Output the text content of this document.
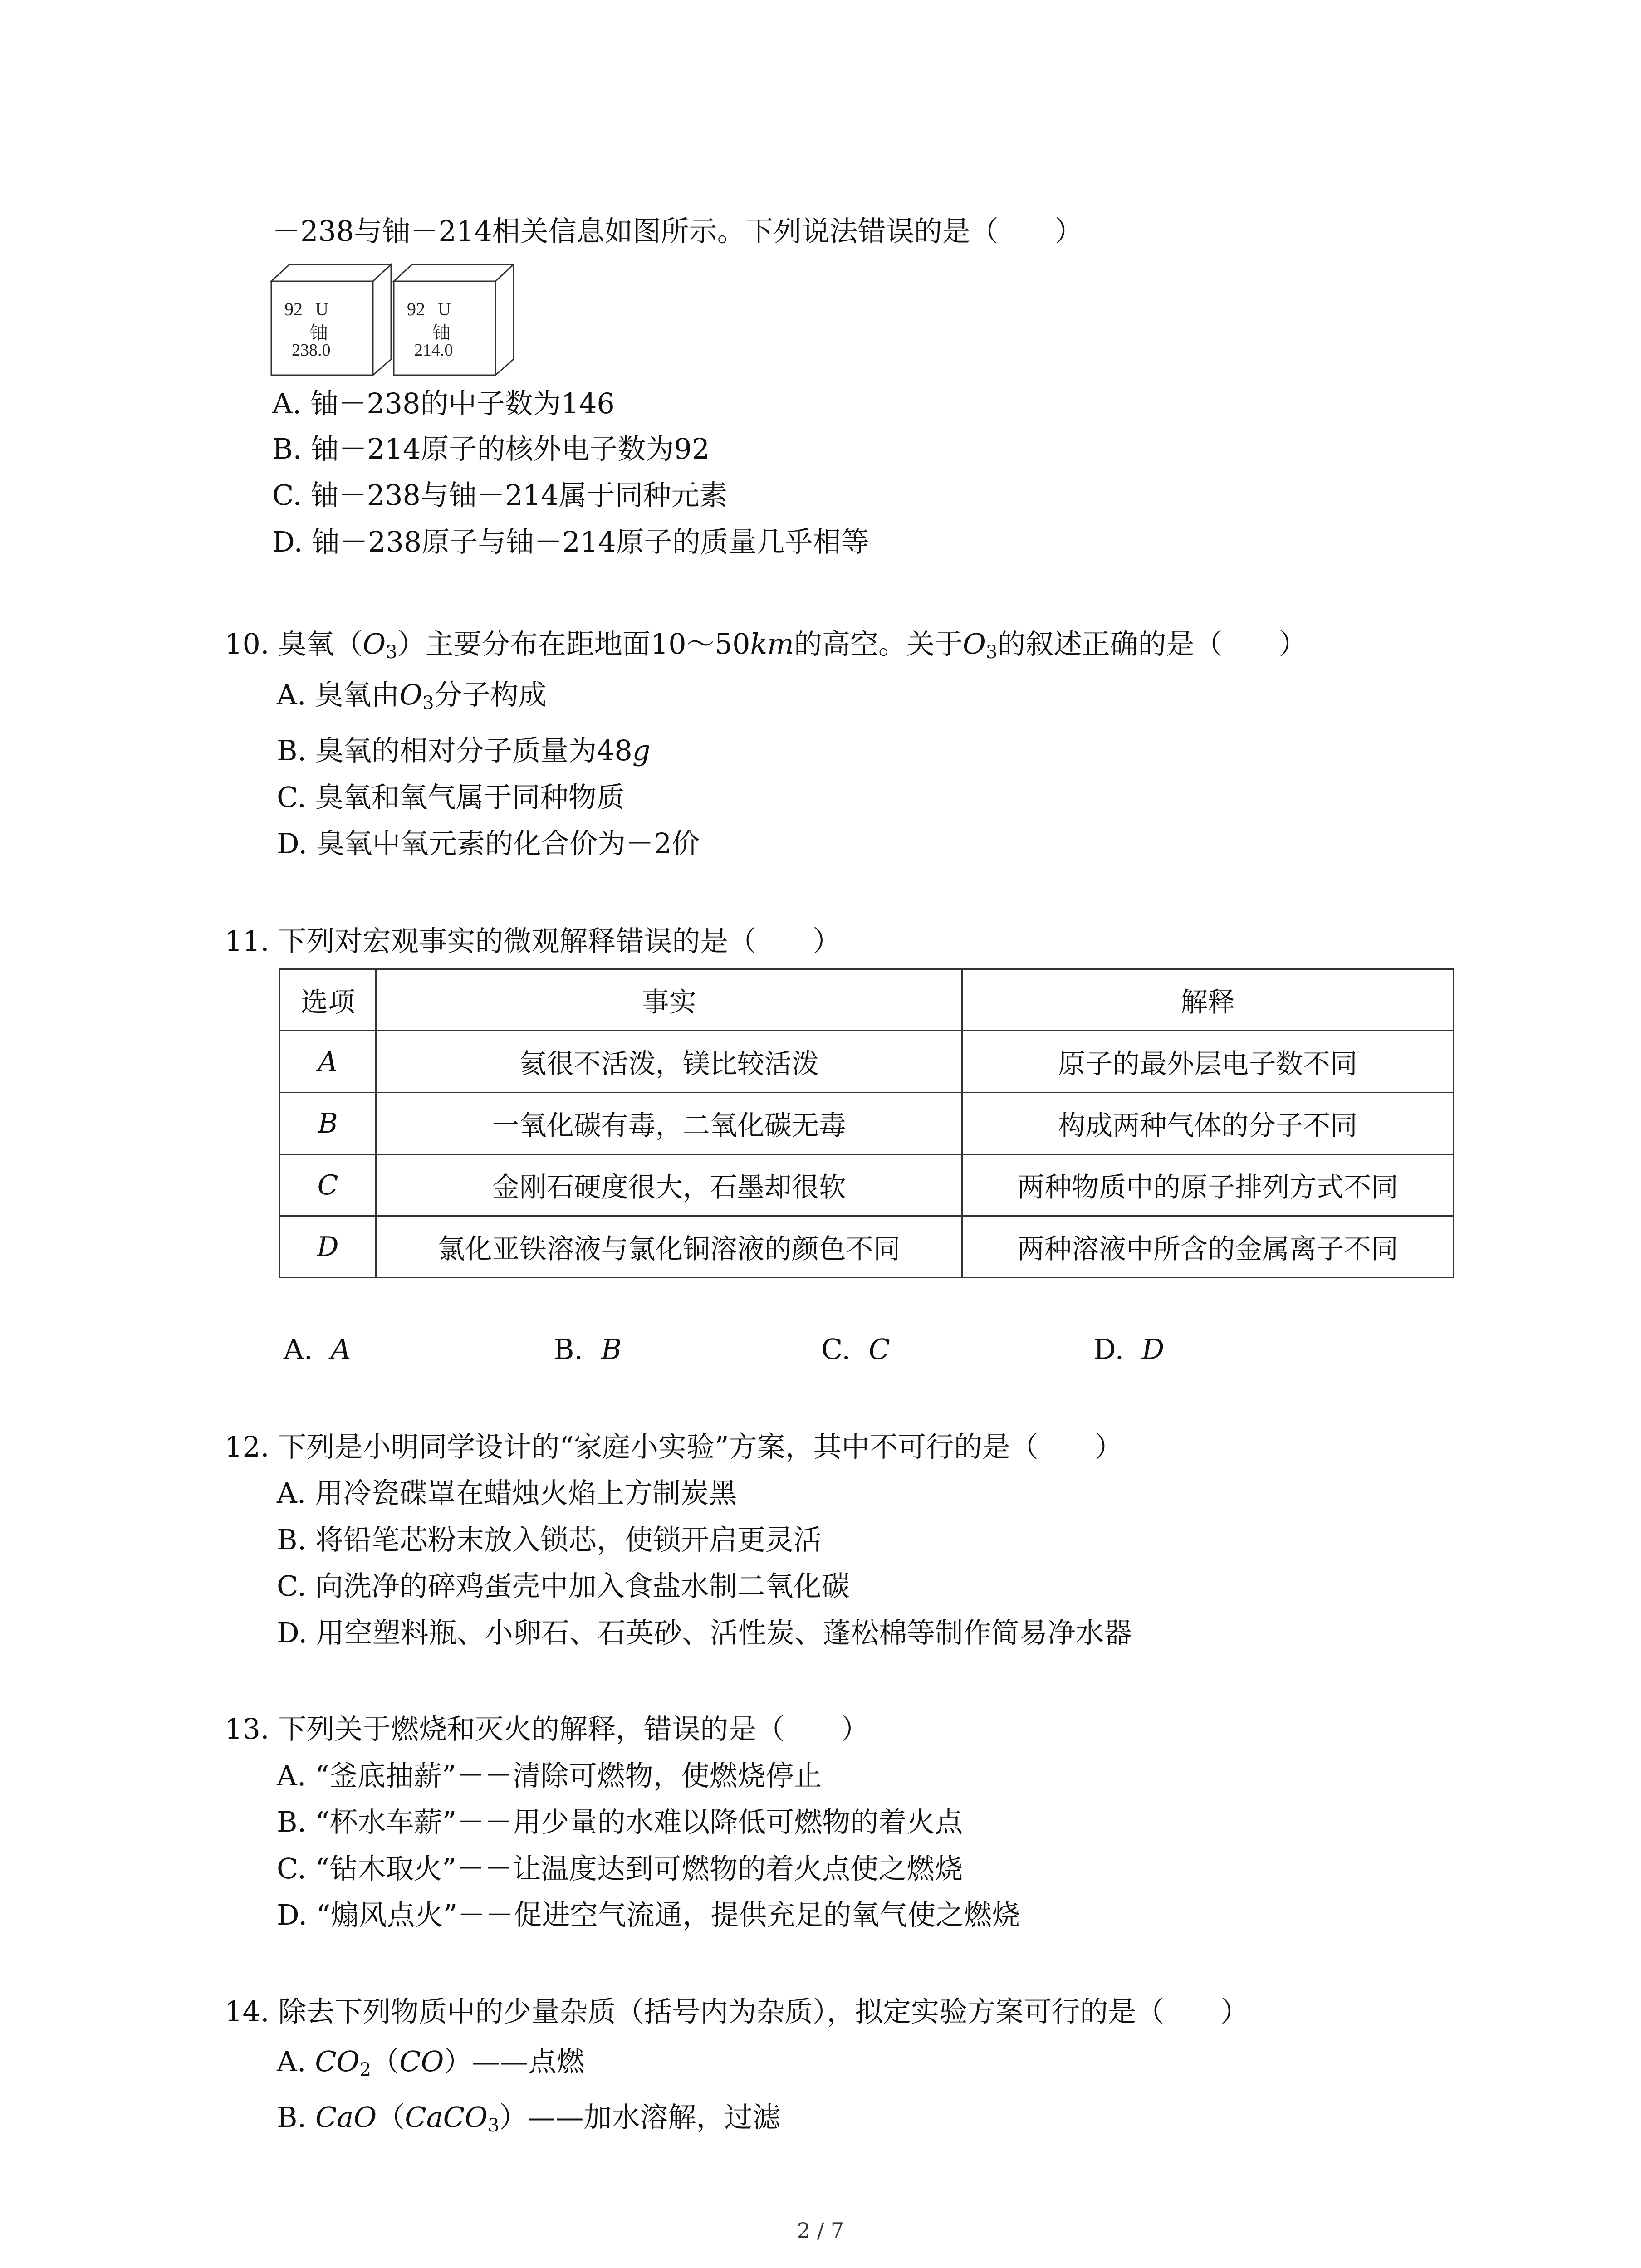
－238与铀－214相关信息如图所示。下列说法错误的是（　　）
92 U
铀
238.0
92 U
铀
214.0
A. 铀－238的中子数为146
B. 铀－214原子的核外电子数为92
C. 铀－238与铀－214属于同种元素
D. 铀－238原子与铀－214原子的质量几乎相等
10. 臭氧$(O_3)$主要分布在距地面10～50km的高空。关于$O_3$的叙述正确的是（　　）
A. 臭氧由$O_3$分子构成
B. 臭氧的相对分子质量为48g
C. 臭氧和氧气属于同种物质
D. 臭氧中氧元素的化合价为－2价
11. 下列对宏观事实的微观解释错误的是（　　）
选项	事实	解释
A	氦很不活泼，镁比较活泼	原子的最外层电子数不同
B	一氧化碳有毒，二氧化碳无毒	构成两种气体的分子不同
C	金刚石硬度很大，石墨却很软	两种物质中的原子排列方式不同
D	氯化亚铁溶液与氯化铜溶液的颜色不同	两种溶液中所含的金属离子不同
A. A	B. B	C. C	D. D
12. 下列是小明同学设计的“家庭小实验”方案，其中不可行的是（　　）
A. 用冷瓷碟罩在蜡烛火焰上方制炭黑
B. 将铅笔芯粉末放入锁芯，使锁开启更灵活
C. 向洗净的碎鸡蛋壳中加入食盐水制二氧化碳
D. 用空塑料瓶、小卵石、石英砂、活性炭、蓬松棉等制作简易净水器
13. 下列关于燃烧和灭火的解释，错误的是（　　）
A. “釜底抽薪”－－清除可燃物，使燃烧停止
B. “杯水车薪”－－用少量的水难以降低可燃物的着火点
C. “钻木取火”－－让温度达到可燃物的着火点使之燃烧
D. “煽风点火”－－促进空气流通，提供充足的氧气使之燃烧
14. 除去下列物质中的少量杂质（括号内为杂质），拟定实验方案可行的是（　　）
A. $CO_2(CO)——$点燃
B. CaO（CaCO$_3$）——加水溶解，过滤
2 / 7
